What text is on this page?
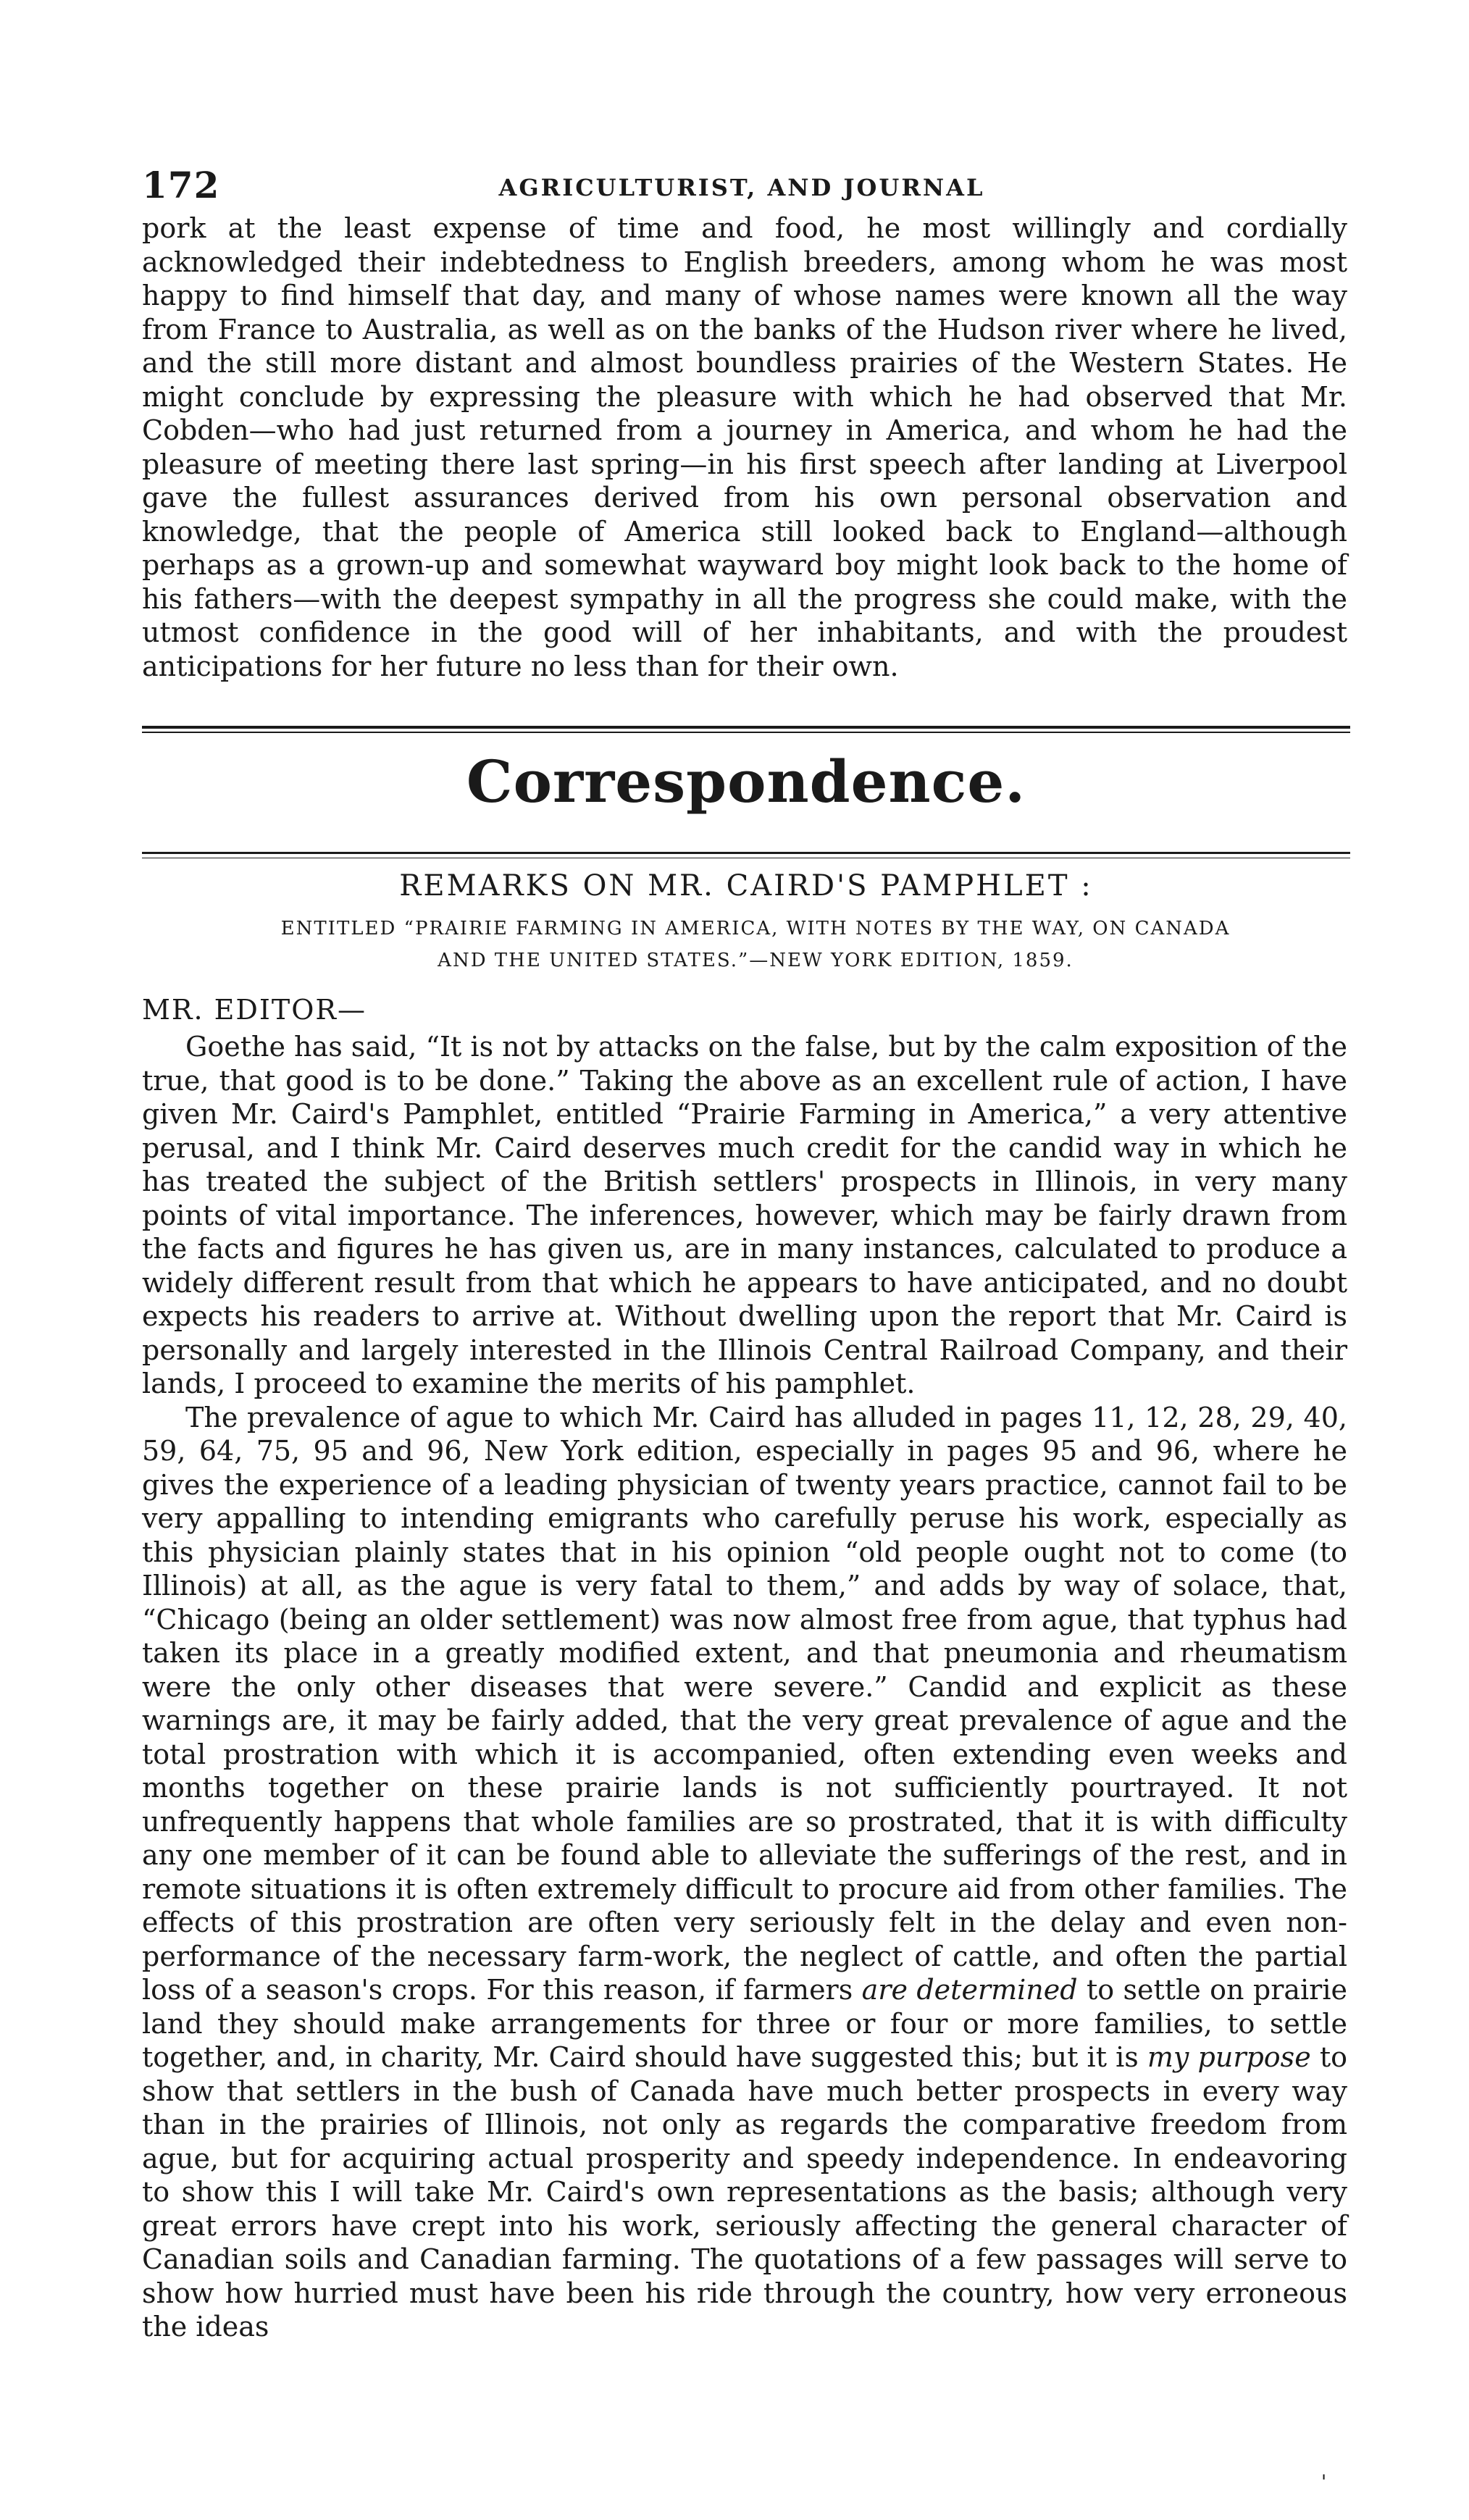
172	AGRICULTURIST, AND JOURNAL

pork at the least expense of time and food, he most willingly and cordially acknowledged their indebtedness to English breeders, among whom he was most happy to find himself that day, and many of whose names were known all the way from France to Australia, as well as on the banks of the Hudson river where he lived, and the still more distant and almost boundless prairies of the Western States. He might conclude by expressing the pleasure with which he had observed that Mr. Cobden—who had just returned from a journey in America, and whom he had the pleasure of meeting there last spring—in his first speech after landing at Liverpool gave the fullest assurances derived from his own personal observation and knowledge, that the people of America still looked back to England—although perhaps as a grown-up and somewhat wayward boy might look back to the home of his fathers—with the deepest sympathy in all the progress she could make, with the utmost confidence in the good will of her inhabitants, and with the proudest anticipations for her future no less than for their own.

Correspondence.
REMARKS ON MR. CAIRD'S PAMPHLET :
ENTITLED “PRAIRIE FARMING IN AMERICA, WITH NOTES BY THE WAY, ON CANADA
AND THE UNITED STATES.”—NEW YORK EDITION, 1859.
MR. EDITOR—

Goethe has said, “It is not by attacks on the false, but by the calm exposition of the true, that good is to be done.” Taking the above as an excellent rule of action, I have given Mr. Caird's Pamphlet, entitled “Prairie Farming in America,” a very attentive perusal, and I think Mr. Caird deserves much credit for the candid way in which he has treated the subject of the British settlers' prospects in Illinois, in very many points of vital importance. The inferences, however, which may be fairly drawn from the facts and figures he has given us, are in many instances, calculated to produce a widely different result from that which he appears to have anticipated, and no doubt expects his readers to arrive at. Without dwelling upon the report that Mr. Caird is personally and largely interested in the Illinois Central Railroad Company, and their lands, I proceed to examine the merits of his pamphlet.

The prevalence of ague to which Mr. Caird has alluded in pages 11, 12, 28, 29, 40, 59, 64, 75, 95 and 96, New York edition, especially in pages 95 and 96, where he gives the experience of a leading physician of twenty years practice, cannot fail to be very appalling to intending emigrants who carefully peruse his work, especially as this physician plainly states that in his opinion “old people ought not to come (to Illinois) at all, as the ague is very fatal to them,” and adds by way of solace, that, “Chicago (being an older settlement) was now almost free from ague, that typhus had taken its place in a greatly modified extent, and that pneumonia and rheumatism were the only other diseases that were severe.” Candid and explicit as these warnings are, it may be fairly added, that the very great prevalence of ague and the total prostration with which it is accompanied, often extending even weeks and months together on these prairie lands is not sufficiently pourtrayed. It not unfrequently happens that whole families are so prostrated, that it is with difficulty any one member of it can be found able to alleviate the sufferings of the rest, and in remote situations it is often extremely difficult to procure aid from other families. The effects of this prostration are often very seriously felt in the delay and even non-performance of the necessary farm-work, the neglect of cattle, and often the partial loss of a season's crops. For this reason, if farmers are determined to settle on prairie land they should make arrangements for three or four or more families, to settle together, and, in charity, Mr. Caird should have suggested this; but it is my purpose to show that settlers in the bush of Canada have much better prospects in every way than in the prairies of Illinois, not only as regards the comparative freedom from ague, but for acquiring actual prosperity and speedy independence. In endeavoring to show this I will take Mr. Caird's own representations as the basis; although very great errors have crept into his work, seriously affecting the general character of Canadian soils and Canadian farming. The quotations of a few passages will serve to show how hurried must have been his ride through the country, how very erroneous the ideas

'
